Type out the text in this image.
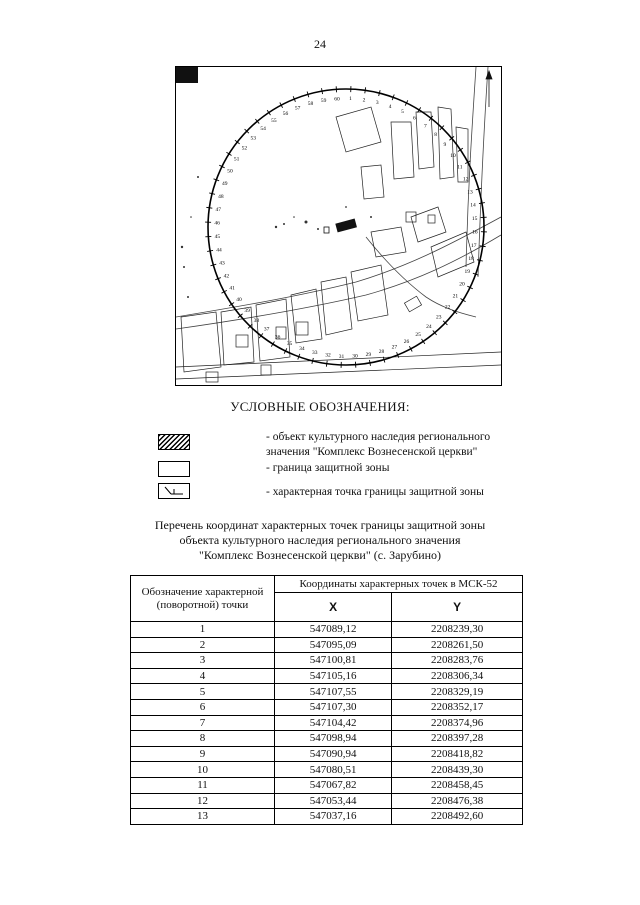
24
1 2 3
4
5
6
7
8
9
10
11
12
13
14
15
16
17
18
19
20
21
22
23
24
25
26
27
28
29
30
31
32
33
34
35
36
37
38
39
40
41
42
43
44
45
46
47
48
49
50
51
52
53
54
55
56
57
58
59 60
УСЛОВНЫЕ ОБОЗНАЧЕНИЯ:
- объект культурного наследия регионального
значения "Комплекс Вознесенской церкви"
- граница защитной зоны
- характерная точка границы защитной зоны
Перечень координат характерных точек границы защитной зоны
объекта культурного наследия регионального значения
"Комплекс Вознесенской церкви" (с. Зарубино)
Обозначение характерной (поворотной) точки	Координаты характерных точек в МСК-52	
	X	Y
1	547089,12	2208239,30
2	547095,09	2208261,50
3	547100,81	2208283,76
4	547105,16	2208306,34
5	547107,55	2208329,19
6	547107,30	2208352,17
7	547104,42	2208374,96
8	547098,94	2208397,28
9	547090,94	2208418,82
10	547080,51	2208439,30
11	547067,82	2208458,45
12	547053,44	2208476,38
13	547037,16	2208492,60
